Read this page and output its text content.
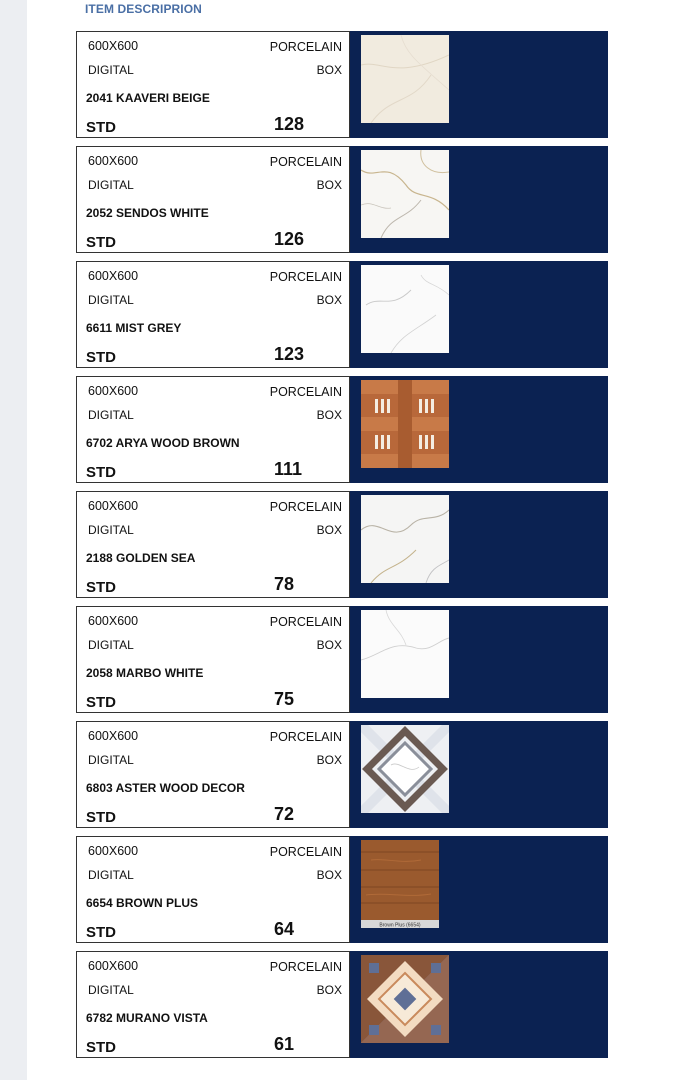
ITEM DESCRIPRION
600X600	PORCELAIN
DIGITAL	BOX
2041 KAAVERI BEIGE
STD	128
600X600	PORCELAIN
DIGITAL	BOX
2052 SENDOS WHITE
STD	126
600X600	PORCELAIN
DIGITAL	BOX
6611 MIST GREY
STD	123
600X600	PORCELAIN
DIGITAL	BOX
6702 ARYA WOOD BROWN
STD	111
600X600	PORCELAIN
DIGITAL	BOX
2188 GOLDEN SEA
STD	78
600X600	PORCELAIN
DIGITAL	BOX
2058 MARBO WHITE
STD	75
600X600	PORCELAIN
DIGITAL	BOX
6803 ASTER WOOD DECOR
STD	72
600X600	PORCELAIN
DIGITAL	BOX
6654 BROWN PLUS
STD	64	Brown Plus (6654)
600X600	PORCELAIN
DIGITAL	BOX
6782 MURANO VISTA
STD	61
